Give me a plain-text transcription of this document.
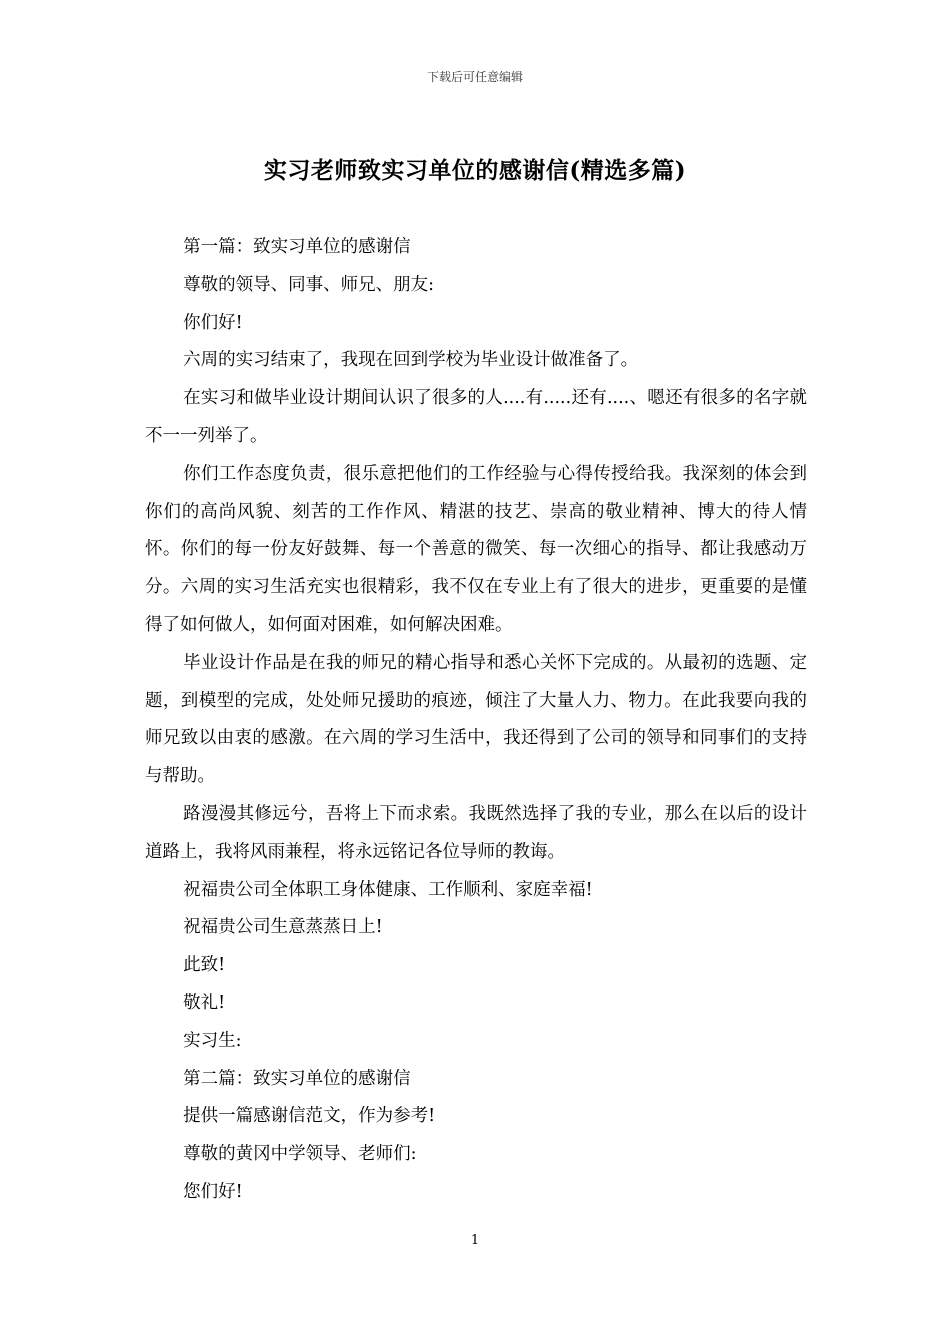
下载后可任意编辑
实习老师致实习单位的感谢信(精选多篇)

第一篇：致实习单位的感谢信

尊敬的领导、同事、师兄、朋友:

你们好!

六周的实习结束了，我现在回到学校为毕业设计做准备了。

在实习和做毕业设计期间认识了很多的人....有.....还有....、嗯还有很多的名字就不一一列举了。

你们工作态度负责，很乐意把他们的工作经验与心得传授给我。我深刻的体会到你们的高尚风貌、刻苦的工作作风、精湛的技艺、崇高的敬业精神、博大的待人情怀。你们的每一份友好鼓舞、每一个善意的微笑、每一次细心的指导、都让我感动万分。六周的实习生活充实也很精彩，我不仅在专业上有了很大的进步，更重要的是懂得了如何做人，如何面对困难，如何解决困难。

毕业设计作品是在我的师兄的精心指导和悉心关怀下完成的。从最初的选题、定题，到模型的完成，处处师兄援助的痕迹，倾注了大量人力、物力。在此我要向我的师兄致以由衷的感激。在六周的学习生活中，我还得到了公司的领导和同事们的支持与帮助。

路漫漫其修远兮，吾将上下而求索。我既然选择了我的专业，那么在以后的设计道路上，我将风雨兼程，将永远铭记各位导师的教诲。

祝福贵公司全体职工身体健康、工作顺利、家庭幸福!

祝福贵公司生意蒸蒸日上!

此致!

敬礼!

实习生:

第二篇：致实习单位的感谢信

提供一篇感谢信范文，作为参考!

尊敬的黄冈中学领导、老师们:

您们好!

1
